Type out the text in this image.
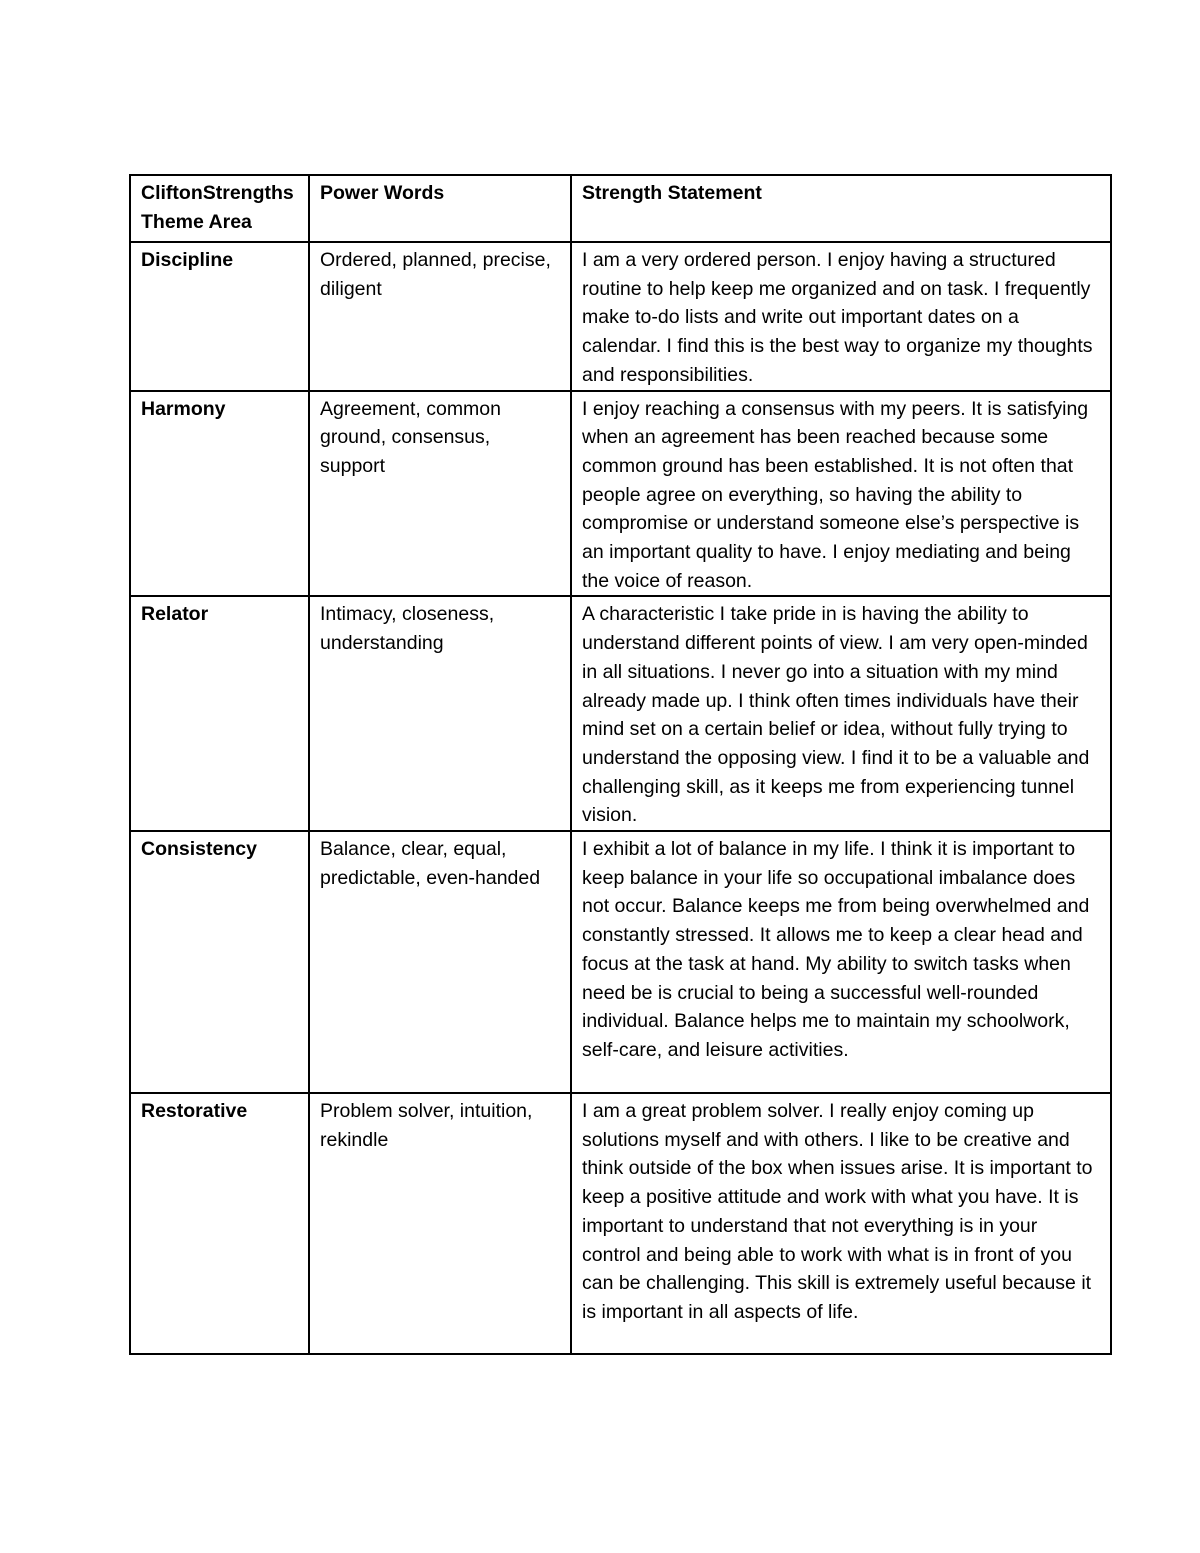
CliftonStrengths Theme Area	Power Words	Strength Statement
Discipline	Ordered, planned, precise, diligent	I am a very ordered person. I enjoy having a structured routine to help keep me organized and on task. I frequently make to-do lists and write out important dates on a calendar. I find this is the best way to organize my thoughts and responsibilities.
Harmony	Agreement, common ground, consensus, support	I enjoy reaching a consensus with my peers. It is satisfying when an agreement has been reached because some common ground has been established. It is not often that people agree on everything, so having the ability to compromise or understand someone else’s perspective is an important quality to have. I enjoy mediating and being the voice of reason.
Relator	Intimacy, closeness, understanding	A characteristic I take pride in is having the ability to understand different points of view. I am very open-minded in all situations. I never go into a situation with my mind already made up. I think often times individuals have their mind set on a certain belief or idea, without fully trying to understand the opposing view. I find it to be a valuable and challenging skill, as it keeps me from experiencing tunnel vision.
Consistency	Balance, clear, equal, predictable, even-handed	I exhibit a lot of balance in my life. I think it is important to keep balance in your life so occupational imbalance does not occur. Balance keeps me from being overwhelmed and constantly stressed. It allows me to keep a clear head and focus at the task at hand. My ability to switch tasks when need be is crucial to being a successful well-rounded individual. Balance helps me to maintain my schoolwork, self-care, and leisure activities.
Restorative	Problem solver, intuition, rekindle	I am a great problem solver. I really enjoy coming up solutions myself and with others. I like to be creative and think outside of the box when issues arise. It is important to keep a positive attitude and work with what you have. It is important to understand that not everything is in your control and being able to work with what is in front of you can be challenging. This skill is extremely useful because it is important in all aspects of life.
